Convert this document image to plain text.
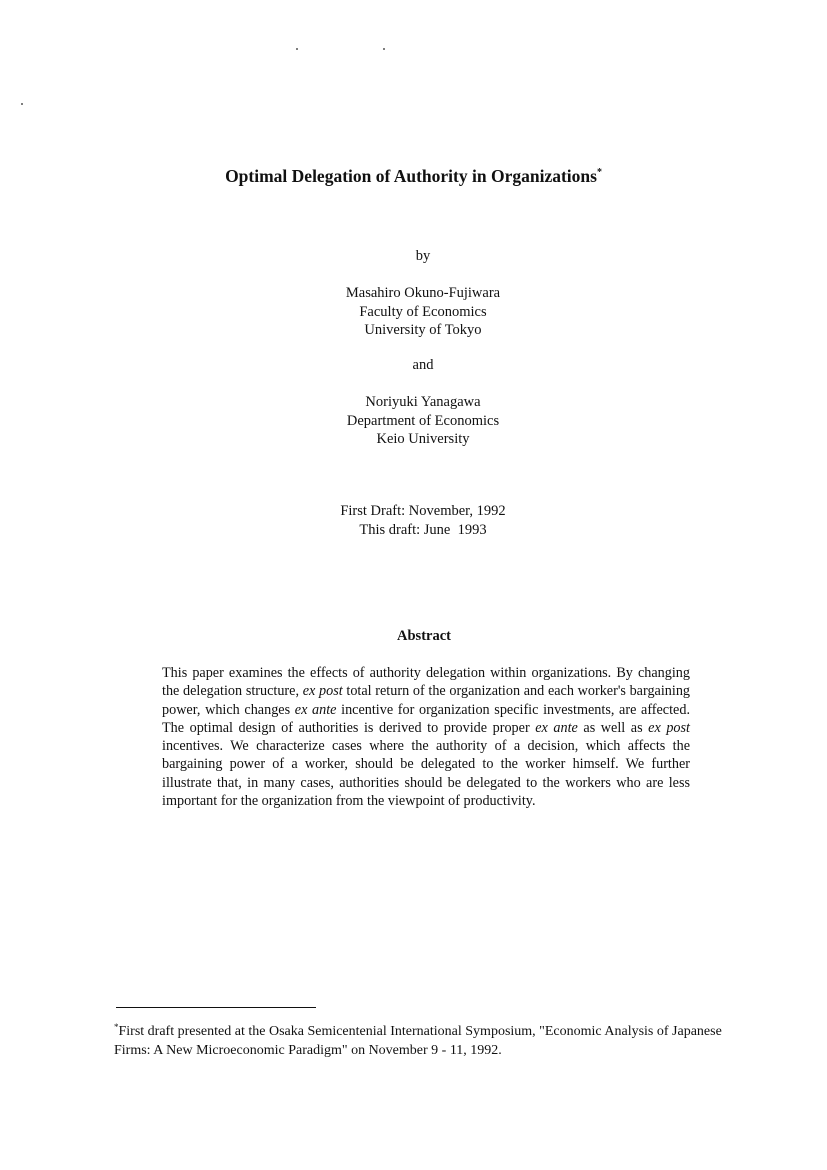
Optimal Delegation of Authority in Organizations*
by
Masahiro Okuno-Fujiwara
Faculty of Economics
University of Tokyo
and
Noriyuki Yanagawa
Department of Economics
Keio University
First Draft: November, 1992
This draft: June  1993
Abstract
This paper examines the effects of authority delegation within organizations. By changing the delegation structure, ex post total return of the organization and each worker's bargaining power, which changes ex ante incentive for organization specific investments, are affected. The optimal design of authorities is derived to provide proper ex ante as well as ex post incentives. We characterize cases where the authority of a decision, which affects the bargaining power of a worker, should be delegated to the worker himself. We further illustrate that, in many cases, authorities should be delegated to the workers who are less important for the organization from the viewpoint of productivity.
*First draft presented at the Osaka Semicentenial International Symposium, "Economic Analysis of Japanese Firms: A New Microeconomic Paradigm" on November 9 - 11, 1992.
